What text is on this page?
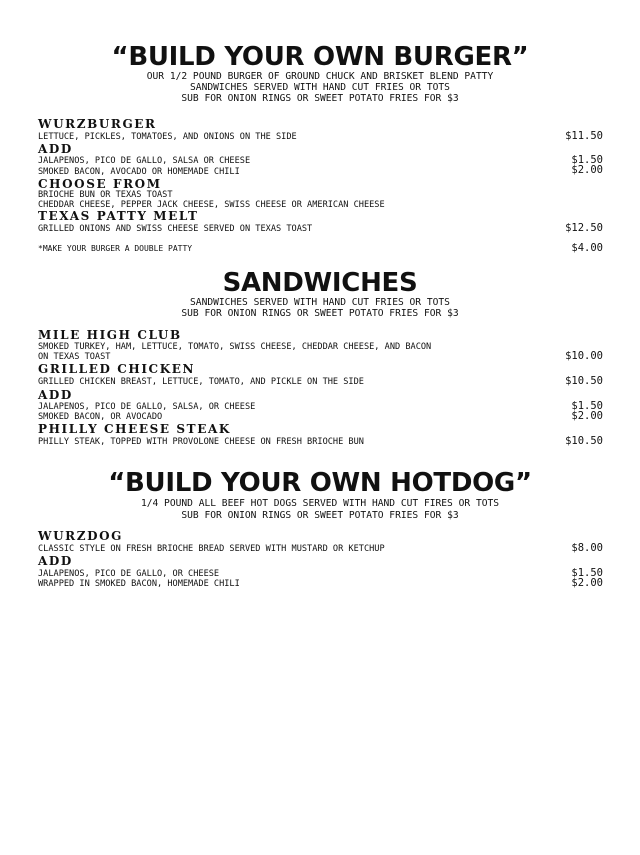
“BUILD YOUR OWN BURGER”
OUR 1/2 POUND BURGER OF GROUND CHUCK AND BRISKET BLEND PATTY
SANDWICHES SERVED WITH HAND CUT FRIES OR TOTS
SUB FOR ONION RINGS OR SWEET POTATO FRIES FOR $3
WURZBURGER
LETTUCE, PICKLES, TOMATOES, AND ONIONS ON THE SIDE	$11.50
ADD
JALAPENOS, PICO DE GALLO, SALSA OR CHEESE	$1.50
SMOKED BACON, AVOCADO OR HOMEMADE CHILI	$2.00
CHOOSE FROM
BRIOCHE BUN OR TEXAS TOAST
CHEDDAR CHEESE, PEPPER JACK CHEESE, SWISS CHEESE OR AMERICAN CHEESE
TEXAS PATTY MELT
GRILLED ONIONS AND SWISS CHEESE SERVED ON TEXAS TOAST	$12.50
*MAKE YOUR BURGER A DOUBLE PATTY	$4.00
SANDWICHES
SANDWICHES SERVED WITH HAND CUT FRIES OR TOTS
SUB FOR ONION RINGS OR SWEET POTATO FRIES FOR $3
MILE HIGH CLUB
SMOKED TURKEY, HAM, LETTUCE, TOMATO, SWISS CHEESE, CHEDDAR CHEESE, AND BACON
ON TEXAS TOAST	$10.00
GRILLED CHICKEN
GRILLED CHICKEN BREAST, LETTUCE, TOMATO, AND PICKLE ON THE SIDE	$10.50
ADD
JALAPENOS, PICO DE GALLO, SALSA, OR CHEESE	$1.50
SMOKED BACON, OR AVOCADO	$2.00
PHILLY CHEESE STEAK
PHILLY STEAK, TOPPED WITH PROVOLONE CHEESE ON FRESH BRIOCHE BUN	$10.50
“BUILD YOUR OWN HOTDOG”
1/4 POUND ALL BEEF HOT DOGS SERVED WITH HAND CUT FIRES OR TOTS
SUB FOR ONION RINGS OR SWEET POTATO FRIES FOR $3
WURZDOG
CLASSIC STYLE ON FRESH BRIOCHE BREAD SERVED WITH MUSTARD OR KETCHUP	$8.00
ADD
JALAPENOS, PICO DE GALLO, OR CHEESE	$1.50
WRAPPED IN SMOKED BACON, HOMEMADE CHILI	$2.00
